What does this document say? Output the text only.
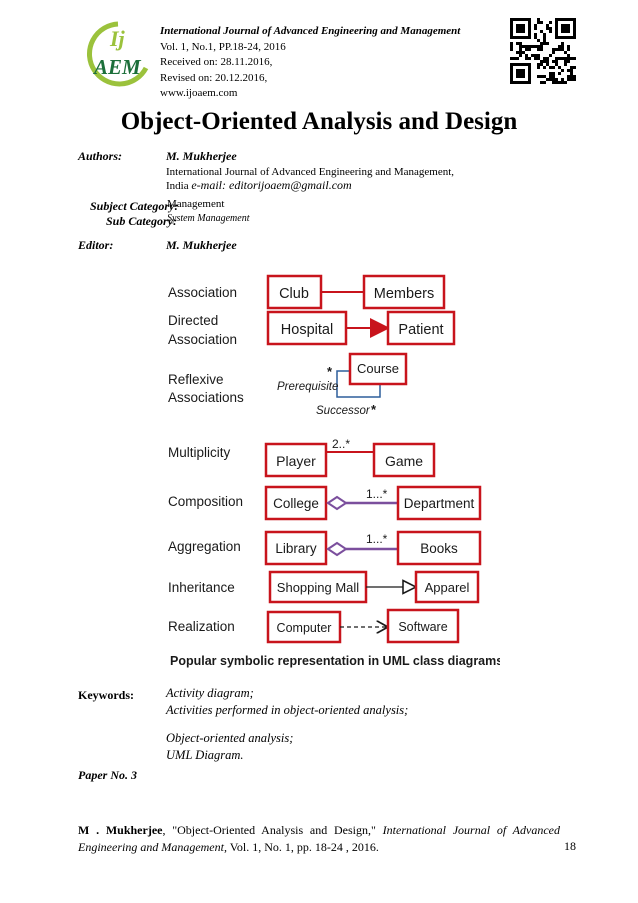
Ij
AEM
International Journal of Advanced Engineering and Management
Vol. 1, No.1, PP.18-24, 2016
Received on: 28.11.2016,
Revised on: 20.12.2016,
www.ijoaem.com
Object-Oriented Analysis and Design
Authors:	M. Mukherjee
International Journal of Advanced Engineering and Management,
India e-mail: editorijoaem@gmail.com
Subject Category:
Management
Sub Category:
System Management
Editor:	M. Mukherjee
Association
Directed
Association
Reflexive
Associations
Multiplicity
Composition
Aggregation
Inheritance
Realization
Club	Members
Hospital	Patient
Course
*
Prerequisite
Successor *
Player
2..*
Game
College
1...*
Department
Library
1...*
Books
Shopping Mall	Apparel
Computer	Software
Popular symbolic representation in UML class diagrams
Keywords:	Activity diagram;
Activities performed in object-oriented analysis;
Object-oriented analysis;
UML Diagram.
Paper No. 3
M . Mukherjee, "Object-Oriented Analysis and Design," International Journal of Advanced Engineering and Management, Vol. 1, No. 1, pp. 18-24 , 2016.	18
